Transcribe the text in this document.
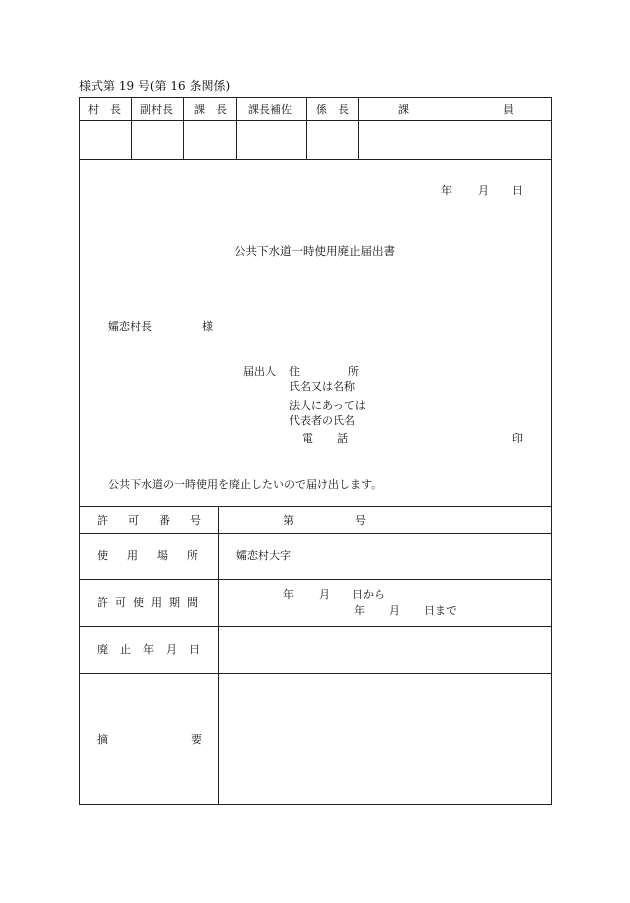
様式第 19 号(第 16 条関係)
村　長 副村長 課　長 課長補佐 係　長	課	員
年 月 日
公共下水道一時使用廃止届出書
孀恋村長	様
届出人 住	所
氏名又は名称
法人にあっては
代表者の氏名
電 話	印
公共下水道の一時使用を廃止したいので届け出します。
許可番号	第	号
使用場所 孀恋村大字
許可使用期間
年 月 日から
年 月 日まで
廃止年月日
摘	要
